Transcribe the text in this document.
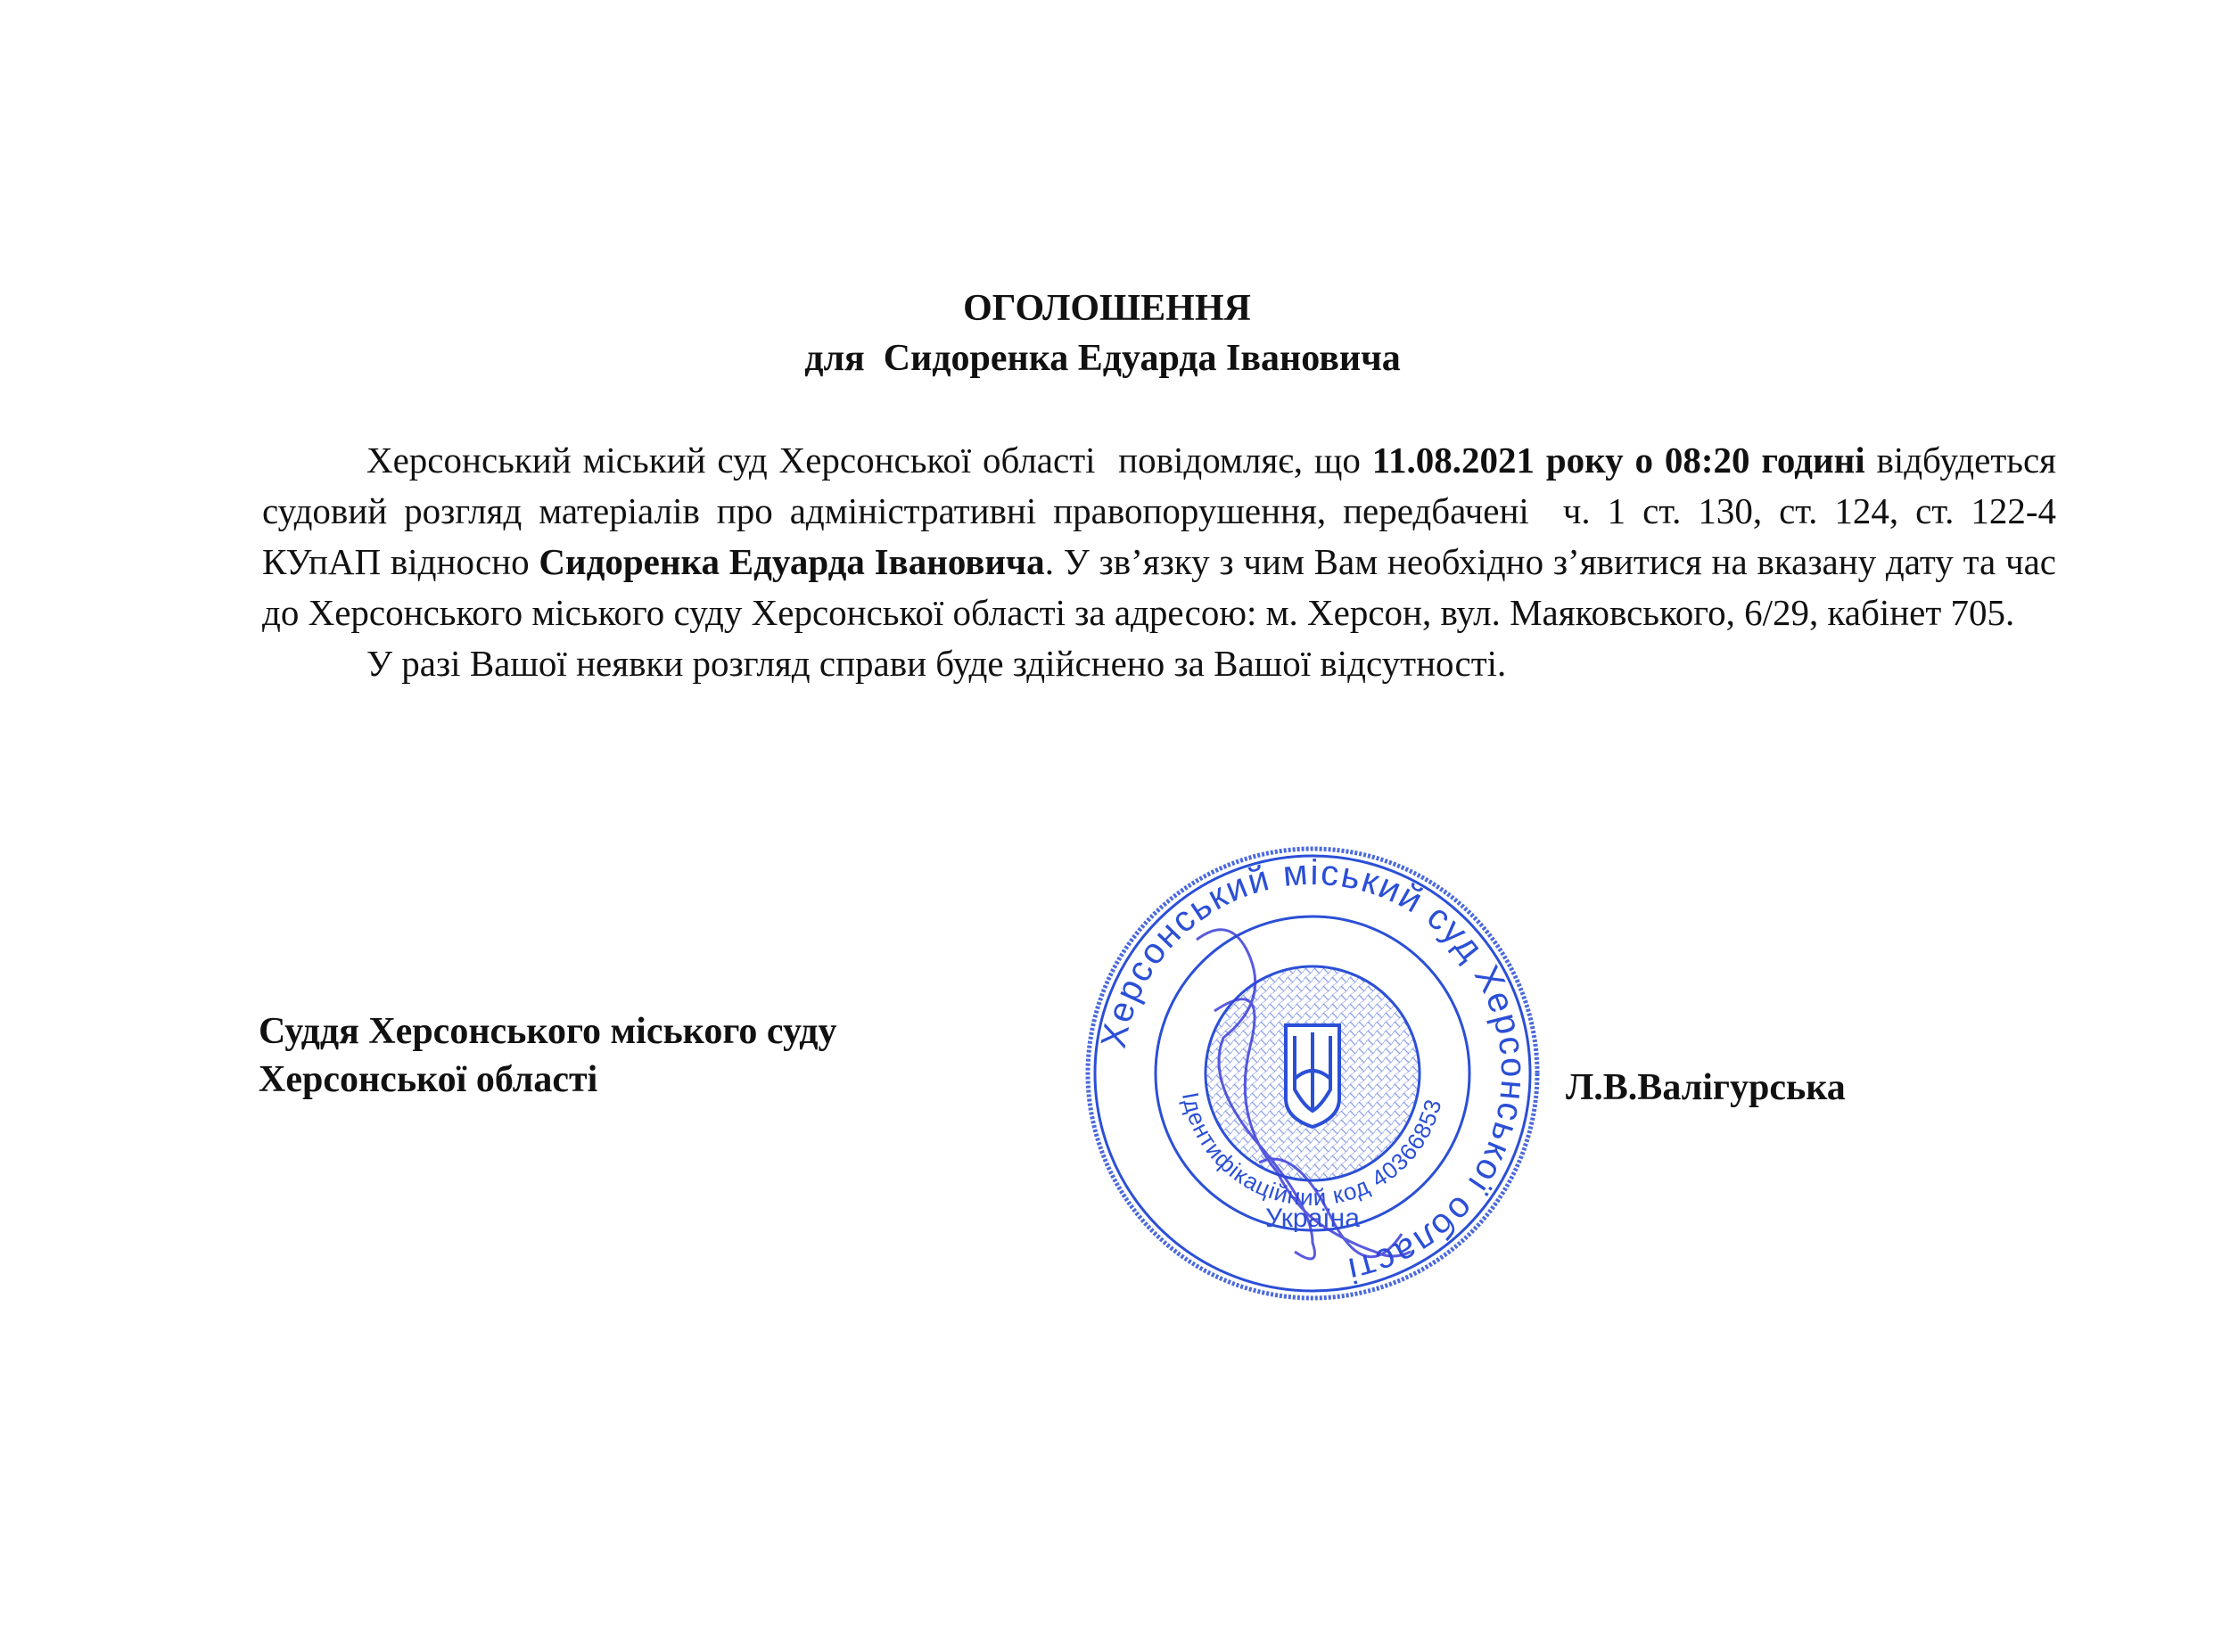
ОГОЛОШЕННЯ
для  Сидоренка Едуарда Івановича

Херсонський міський суд Херсонської області  повідомляє, що 11.08.2021 року о 08:20 годині відбудеться судовий розгляд матеріалів про адміністративні правопорушення, передбачені  ч. 1 ст. 130, ст. 124, ст. 122-4 КУпАП відносно Сидоренка Едуарда Івановича. У зв’язку з чим Вам необхідно з’явитися на вказану дату та час до Херсонського міського суду Херсонської області за адресою: м. Херсон, вул. Маяковського, 6/29, кабінет 705.

У разі Вашої неявки розгляд справи буде здійснено за Вашої відсутності.

Суддя Херсонського міського суду
Херсонської області
Херсонський міський суд Херсонської області
Ідентифікаційний код 40366853
Україна
Л.В.Валігурська
